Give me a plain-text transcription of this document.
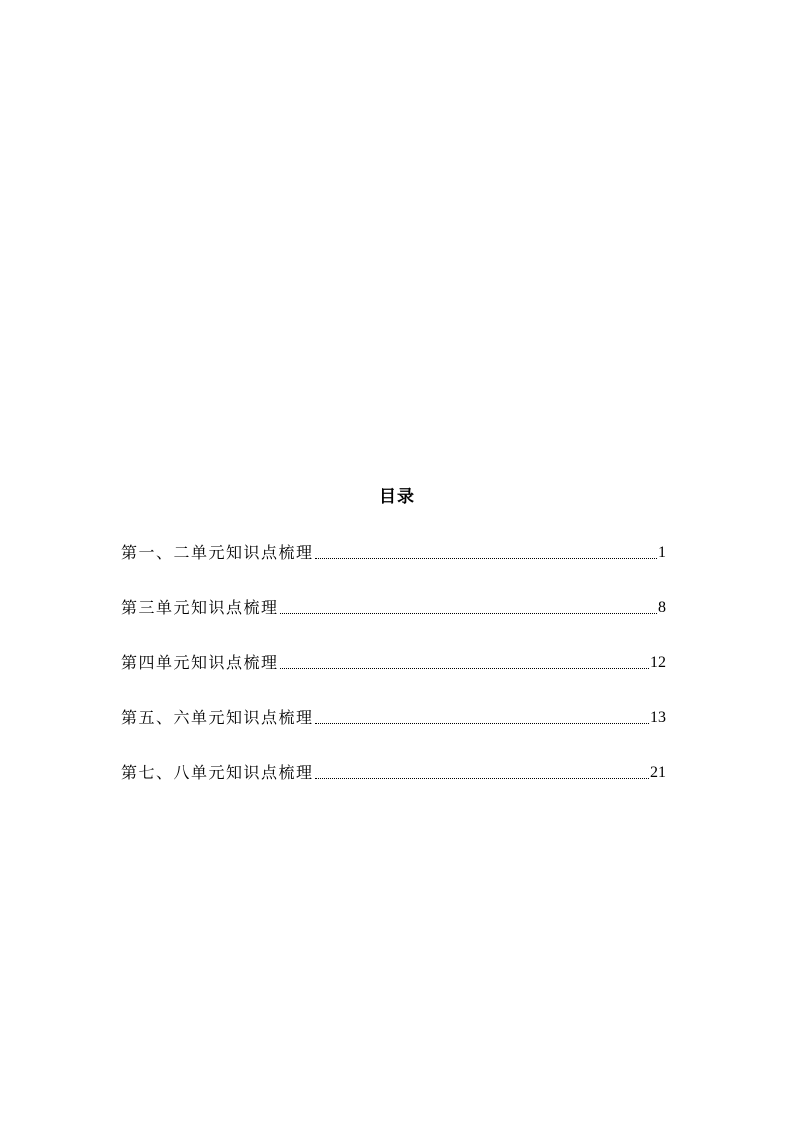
目录
第一、二单元知识点梳理	1
第三单元知识点梳理	8
第四单元知识点梳理	12
第五、六单元知识点梳理	13
第七、八单元知识点梳理	21
